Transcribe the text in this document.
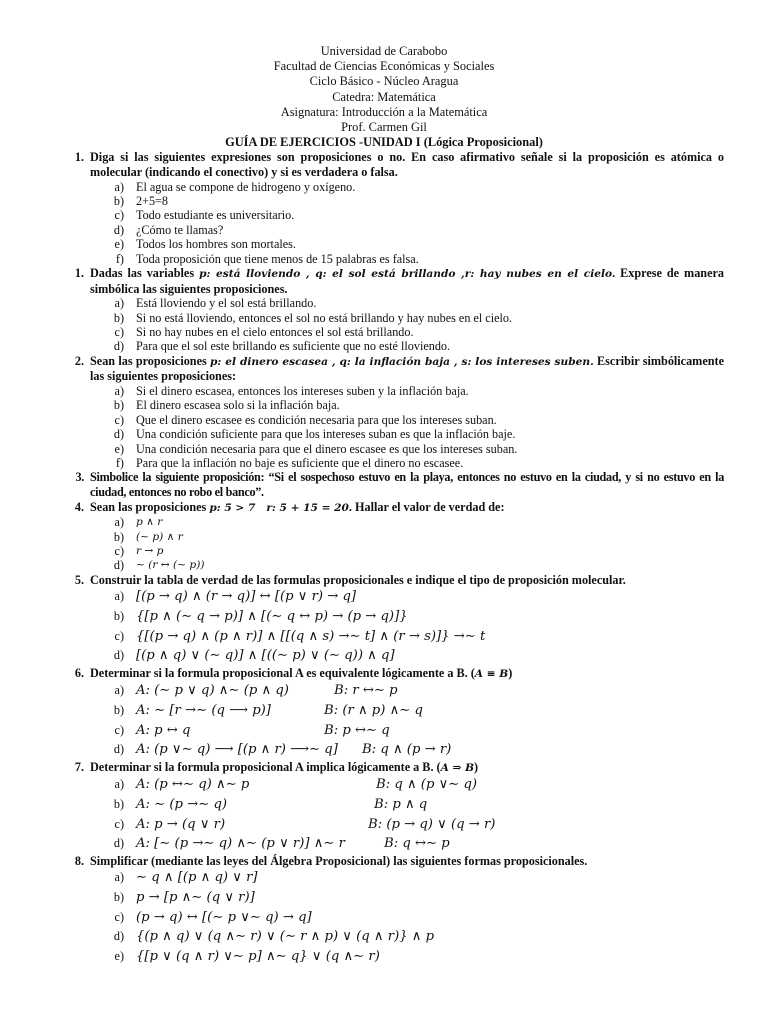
Universidad de Carabobo
Facultad de Ciencias Económicas y Sociales
Ciclo Básico - Núcleo Aragua
Catedra: Matemática
Asignatura: Introducción a la Matemática
Prof. Carmen Gil
GUÍA DE EJERCICIOS -UNIDAD I (Lógica Proposicional)
1. Diga si las siguientes expresiones son proposiciones o no. En caso afirmativo señale si la proposición es atómica o molecular (indicando el conectivo) y si es verdadera o falsa.
a) El agua se compone de hidrogeno y oxígeno.
b) 2+5=8
c) Todo estudiante es universitario.
d) ¿Cómo te llamas?
e) Todos los hombres son mortales.
f) Toda proposición que tiene menos de 15 palabras es falsa.
1. Dadas las variables p: está lloviendo , q: el sol está brillando ,r: hay nubes en el cielo. Exprese de manera simbólica las siguientes proposiciones.
a) Está lloviendo y el sol está brillando.
b) Si no está lloviendo, entonces el sol no está brillando y hay nubes en el cielo.
c) Si no hay nubes en el cielo entonces el sol está brillando.
d) Para que el sol este brillando es suficiente que no esté lloviendo.
2. Sean las proposiciones p: el dinero escasea , q: la inflación baja , s: los intereses suben. Escribir simbólicamente las siguientes proposiciones:
a) Si el dinero escasea, entonces los intereses suben y la inflación baja.
b) El dinero escasea solo si la inflación baja.
c) Que el dinero escasee es condición necesaria para que los intereses suban.
d) Una condición suficiente para que los intereses suban es que la inflación baje.
e) Una condición necesaria para que el dinero escasee es que los intereses suban.
f) Para que la inflación no baje es suficiente que el dinero no escasee.
3. Simbolice la siguiente proposición: “Si el sospechoso estuvo en la playa, entonces no estuvo en la ciudad, y si no estuvo en la ciudad, entonces no robo el banco”.
4. Sean las proposiciones p: 5 > 7   r: 5 + 15 = 20. Hallar el valor de verdad de:
a) p ∧ r
b) (∼ p) ∧ r
c) r → p
d) ∼ (r ↔ (∼ p))
5. Construir la tabla de verdad de las formulas proposicionales e indique el tipo de proposición molecular.
a) [(p → q) ∧ (r → q)] ↔ [(p ∨ r) → q]
b) {[p ∧ (∼ q → p)] ∧ [(∼ q ↔ p) → (p → q)]}
c) {[(p → q) ∧ (p ∧ r)] ∧ [[(q ∧ s) →∼ t] ∧ (r → s)]} →∼ t
d) [(p ∧ q) ∨ (∼ q)] ∧ [((∼ p) ∨ (∼ q)) ∧ q]
6. Determinar si la formula proposicional A es equivalente lógicamente a B. (A ≡ B)
a) A: (∼ p ∨ q) ∧∼ (p ∧ q)	B: r ↔∼ p
b) A: ∼ [r →∼ (q ⟶ p)]	B: (r ∧ p) ∧∼ q
c) A: p ↔ q	B: p ↔∼ q
d) A: (p ∨∼ q) ⟶ [(p ∧ r) ⟶∼ q] B: q ∧ (p → r)
7. Determinar si la formula proposicional A implica lógicamente a B. (A ⇒ B)
a) A: (p ↔∼ q) ∧∼ p	B: q ∧ (p ∨∼ q)
b) A: ∼ (p →∼ q)	B: p ∧ q
c) A: p → (q ∨ r)	B: (p → q) ∨ (q → r)
d) A: [∼ (p →∼ q) ∧∼ (p ∨ r)] ∧∼ r	B: q ↔∼ p
8. Simplificar (mediante las leyes del Álgebra Proposicional) las siguientes formas proposicionales.
a) ∼ q ∧ [(p ∧ q) ∨ r]
b) p → [p ∧∼ (q ∨ r)]
c) (p → q) ↔ [(∼ p ∨∼ q) → q]
d) {(p ∧ q) ∨ (q ∧∼ r) ∨ (∼ r ∧ p) ∨ (q ∧ r)} ∧ p
e) {[p ∨ (q ∧ r) ∨∼ p] ∧∼ q} ∨ (q ∧∼ r)
